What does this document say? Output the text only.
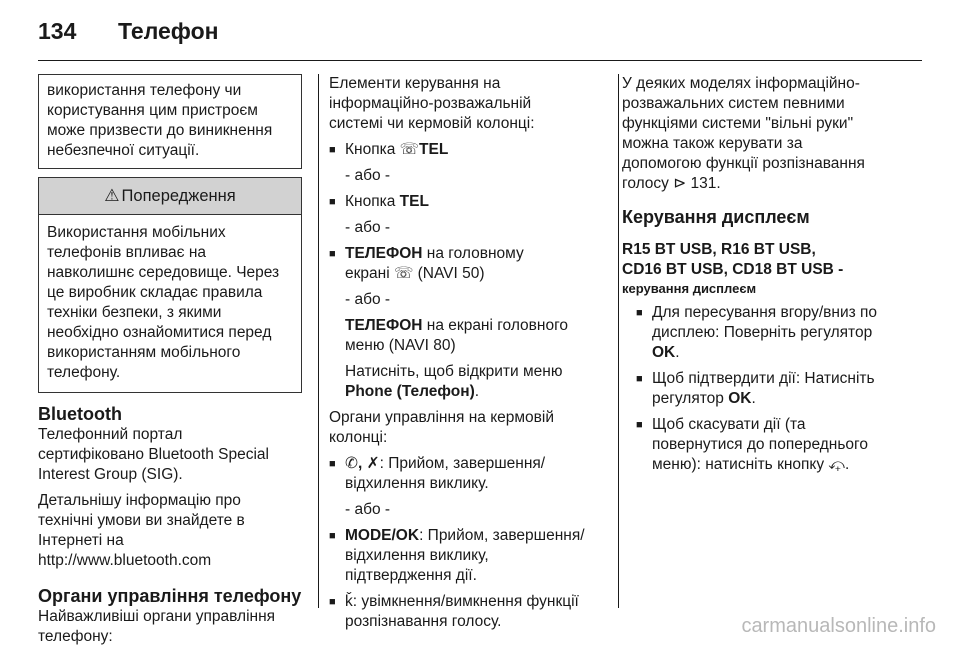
134	Телефон
використання телефону чи
користування цим пристроєм
може призвести до виникнення
небезпечної ситуації.
⚠ Попередження
Використання мобільних
телефонів впливає на
навколишнє середовище. Через
це виробник складає правила
техніки безпеки, з якими
необхідно ознайомитися перед
використанням мобільного
телефону.
Bluetooth
Телефонний портал
сертифіковано Bluetooth Special
Interest Group (SIG).
Детальнішу інформацію про
технічні умови ви знайдете в
Інтернеті на
http://www.bluetooth.com
Органи управління телефону
Найважливіші органи управління
телефону:
Елементи керування на
інформаційно-розважальній
системі чи кермовій колонці:
■ Кнопка ☏TEL
- або -
■ Кнопка TEL
- або -
■ ТЕЛЕФОН на головному
екрані ☏ (NAVI 50)
- або -
ТЕЛЕФОН на екрані головного
меню (NAVI 80)
Натисніть, щоб відкрити меню
Phone (Телефон).
Органи управління на кермовій
колонці:
■ ✆, ✗: Прийом, завершення/
відхилення виклику.
- або -
■ MODE/OK: Прийом, завершення/
відхилення виклику,
підтвердження дії.
■ ǩ: увімкнення/вимкнення функції
розпізнавання голосу.
У деяких моделях інформаційно-
розважальних систем певними
функціями системи "вільні руки"
можна також керувати за
допомогою функції розпізнавання
голосу ⊳ 131.
Керування дисплеєм
R15 BT USB, R16 BT USB,
CD16 BT USB, CD18 BT USB -
керування дисплеєм
■ Для пересування вгору/вниз по
дисплею: Поверніть регулятор
OK.
■ Щоб підтвердити дії: Натисніть
регулятор OK.
■ Щоб скасувати дії (та
повернутися до попереднього
меню): натисніть кнопку ⤽.
carmanualsonline.info
